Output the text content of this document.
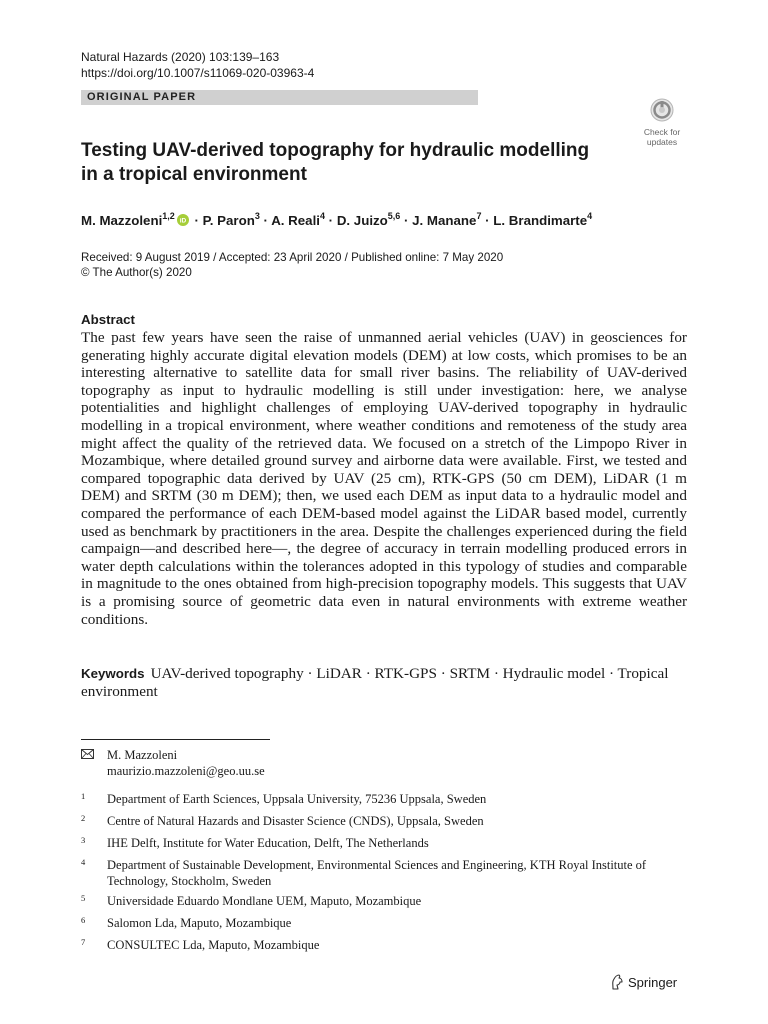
Natural Hazards (2020) 103:139–163
https://doi.org/10.1007/s11069-020-03963-4
ORIGINAL PAPER
Check for
updates
Testing UAV-derived topography for hydraulic modelling
in a tropical environment
M. Mazzoleni$^{1,2}$
iD · P. Paron$^3$ · A. Reali$^4$ · D. Juizo$^{5,6}$ · J. Manane$^7$ · L. Brandimarte$^4$
Received: 9 August 2019 / Accepted: 23 April 2020 / Published online: 7 May 2020
© The Author(s) 2020
Abstract

The past few years have seen the raise of unmanned aerial vehicles (UAV) in geosciences for generating highly accurate digital elevation models (DEM) at low costs, which promises to be an interesting alternative to satellite data for small river basins. The reliability of UAV-derived topography as input to hydraulic modelling is still under investigation: here, we analyse potentialities and highlight challenges of employing UAV-derived topography in hydraulic modelling in a tropical environment, where weather conditions and remoteness of the study area might affect the quality of the retrieved data. We focused on a stretch of the Limpopo River in Mozambique, where detailed ground survey and airborne data were available. First, we tested and compared topographic data derived by UAV (25 cm), RTK-GPS (50 cm DEM), LiDAR (1 m DEM) and SRTM (30 m DEM); then, we used each DEM as input data to a hydraulic model and compared the performance of each DEM-based model against the LiDAR based model, currently used as benchmark by practitioners in the area. Despite the challenges experienced during the field campaign—and described here—, the degree of accuracy in terrain modelling produced errors in water depth calculations within the tolerances adopted in this typology of studies and comparable in magnitude to the ones obtained from high-precision topography models. This suggests that UAV is a promising source of geometric data even in natural environments with extreme weather conditions.

Keywords UAV-derived topography · LiDAR · RTK-GPS · SRTM · Hydraulic model · Tropical environment
M. Mazzoleni
maurizio.mazzoleni@geo.uu.se
1 Department of Earth Sciences, Uppsala University, 75236 Uppsala, Sweden
2 Centre of Natural Hazards and Disaster Science (CNDS), Uppsala, Sweden
3 IHE Delft, Institute for Water Education, Delft, The Netherlands
4 Department of Sustainable Development, Environmental Sciences and Engineering, KTH Royal Institute of Technology, Stockholm, Sweden
5 Universidade Eduardo Mondlane UEM, Maputo, Mozambique
6 Salomon Lda, Maputo, Mozambique
7 CONSULTEC Lda, Maputo, Mozambique
Springer
